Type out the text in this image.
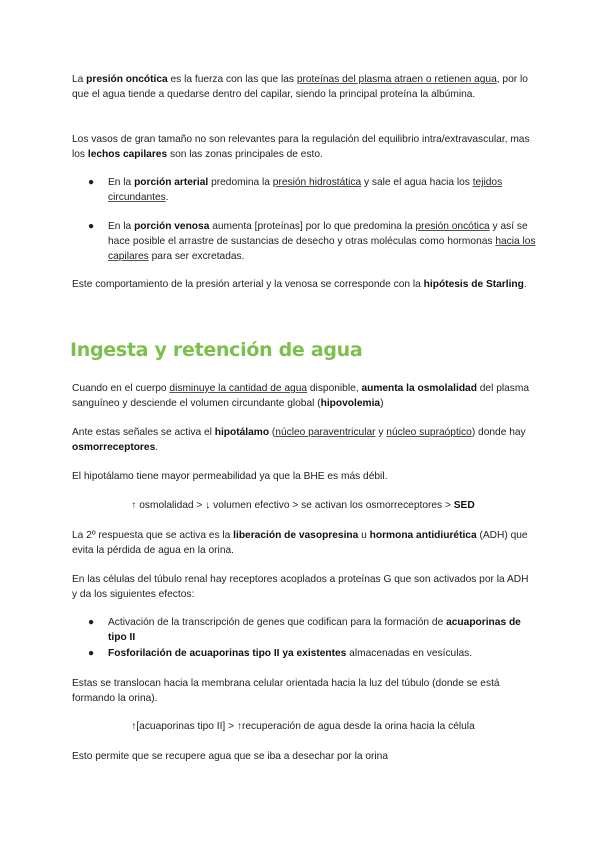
La presión oncótica es la fuerza con las que las proteínas del plasma atraen o retienen agua, por lo que el agua tiende a quedarse dentro del capilar, siendo la principal proteína la albúmina.

Los vasos de gran tamaño no son relevantes para la regulación del equilibrio intra/extravascular, mas los lechos capilares son las zonas principales de esto.

● En la porción arterial predomina la presión hidrostática y sale el agua hacia los tejidos circundantes.

● En la porción venosa aumenta [proteínas] por lo que predomina la presión oncótica y así se hace posible el arrastre de sustancias de desecho y otras moléculas como hormonas hacia los capilares para ser excretadas.

Este comportamiento de la presión arterial y la venosa se corresponde con la hipótesis de Starling.

Ingesta y retención de agua

Cuando en el cuerpo disminuye la cantidad de agua disponible, aumenta la osmolalidad del plasma sanguíneo y desciende el volumen circundante global (hipovolemia)

Ante estas señales se activa el hipotálamo (núcleo paraventricular y núcleo supraóptico) donde hay osmorreceptores.

El hipotálamo tiene mayor permeabilidad ya que la BHE es más débil.

↑ osmolalidad > ↓ volumen efectivo > se activan los osmorreceptores > SED

La 2º respuesta que se activa es la liberación de vasopresina u hormona antidiurética (ADH) que evita la pérdida de agua en la orina.

En las células del túbulo renal hay receptores acoplados a proteínas G que son activados por la ADH y da los siguientes efectos:

● Activación de la transcripción de genes que codifican para la formación de acuaporinas de tipo II

● Fosforilación de acuaporinas tipo II ya existentes almacenadas en vesículas.

Estas se translocan hacia la membrana celular orientada hacia la luz del túbulo (donde se está formando la orina).

↑[acuaporinas tipo II] > ↑recuperación de agua desde la orina hacia la célula

Esto permite que se recupere agua que se iba a desechar por la orina
